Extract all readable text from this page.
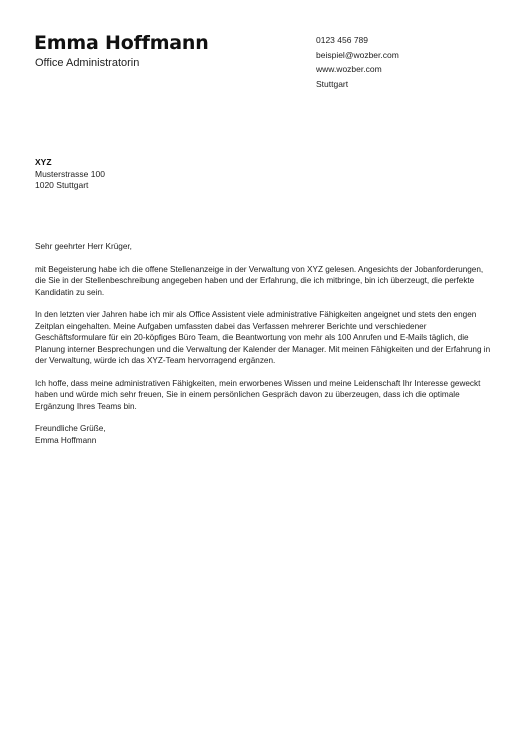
Emma Hoffmann
Office Administratorin
0123 456 789
beispiel@wozber.com
www.wozber.com
Stuttgart
XYZ
Musterstrasse 100
1020 Stuttgart

Sehr geehrter Herr Krüger,

mit Begeisterung habe ich die offene Stellenanzeige in der Verwaltung von XYZ gelesen. Angesichts der Jobanforderungen, die Sie in der Stellenbeschreibung angegeben haben und der Erfahrung, die ich mitbringe, bin ich überzeugt, die perfekte Kandidatin zu sein.

In den letzten vier Jahren habe ich mir als Office Assistent viele administrative Fähigkeiten angeignet und stets den engen Zeitplan eingehalten. Meine Aufgaben umfassten dabei das Verfassen mehrerer Berichte und verschiedener Geschäftsformulare für ein 20-köpfiges Büro Team, die Beantwortung von mehr als 100 Anrufen und E-Mails täglich, die Planung interner Besprechungen und die Verwaltung der Kalender der Manager. Mit meinen Fähigkeiten und der Erfahrung in der Verwaltung, würde ich das XYZ-Team hervorragend ergänzen.

Ich hoffe, dass meine administrativen Fähigkeiten, mein erworbenes Wissen und meine Leidenschaft Ihr Interesse geweckt haben und würde mich sehr freuen, Sie in einem persönlichen Gespräch davon zu überzeugen, dass ich die optimale Ergänzung Ihres Teams bin.

Freundliche Grüße,

Emma Hoffmann
